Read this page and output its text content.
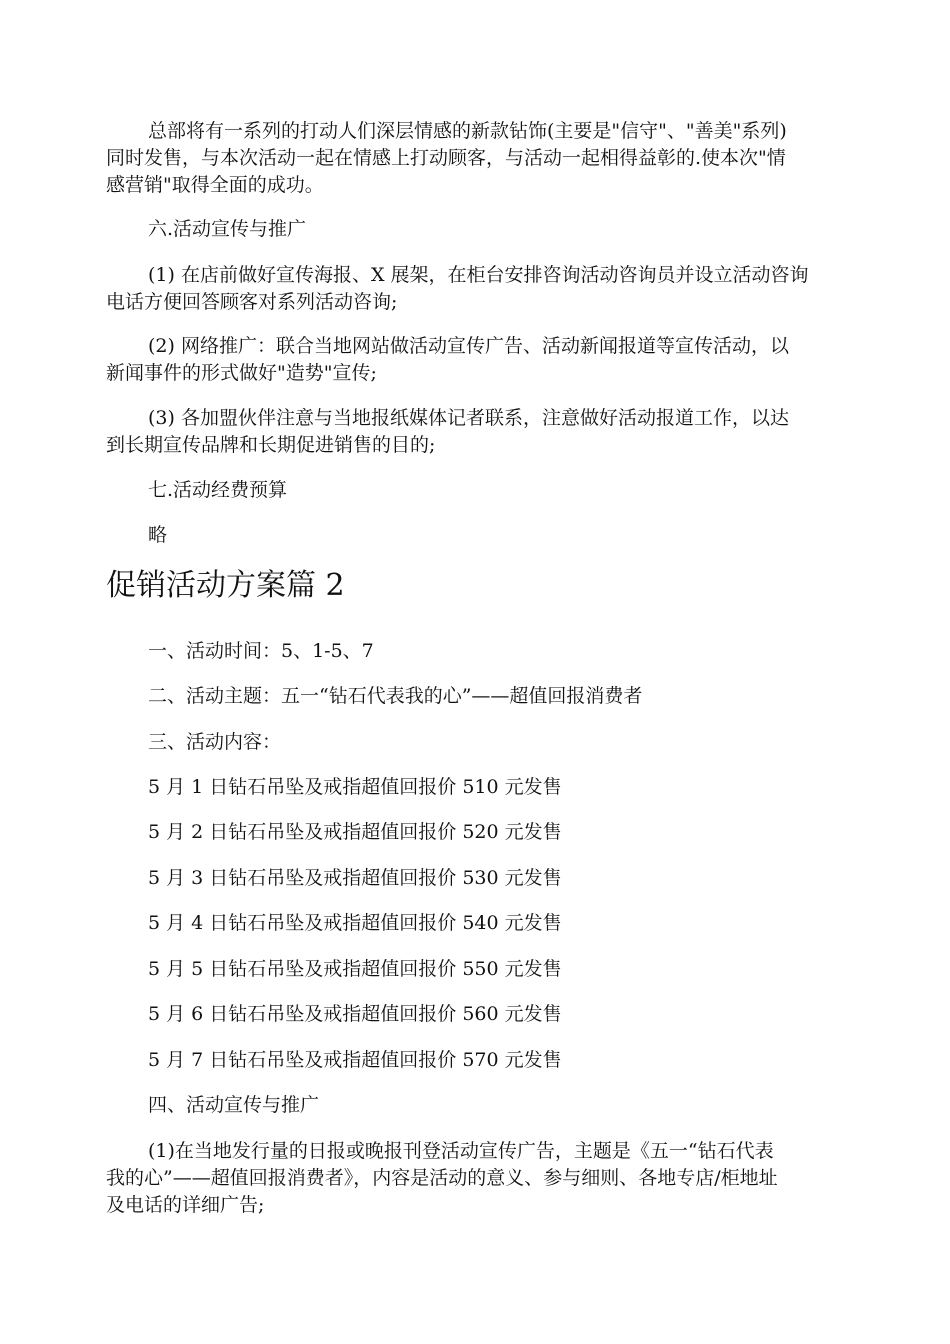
总部将有一系列的打动人们深层情感的新款钻饰(主要是"信守"、"善美"系列)
同时发售，与本次活动一起在情感上打动顾客，与活动一起相得益彰的.使本次"情
感营销"取得全面的成功。

六.活动宣传与推广

(1) 在店前做好宣传海报、X 展架，在柜台安排咨询活动咨询员并设立活动咨询
电话方便回答顾客对系列活动咨询;

(2) 网络推广：联合当地网站做活动宣传广告、活动新闻报道等宣传活动，以
新闻事件的形式做好"造势"宣传;

(3) 各加盟伙伴注意与当地报纸媒体记者联系，注意做好活动报道工作，以达
到长期宣传品牌和长期促进销售的目的;

七.活动经费预算

略

促销活动方案篇 2

一、活动时间：5、1-5、7

二、活动主题：五一“钻石代表我的心”——超值回报消费者

三、活动内容：

5 月 1 日钻石吊坠及戒指超值回报价 510 元发售

5 月 2 日钻石吊坠及戒指超值回报价 520 元发售

5 月 3 日钻石吊坠及戒指超值回报价 530 元发售

5 月 4 日钻石吊坠及戒指超值回报价 540 元发售

5 月 5 日钻石吊坠及戒指超值回报价 550 元发售

5 月 6 日钻石吊坠及戒指超值回报价 560 元发售

5 月 7 日钻石吊坠及戒指超值回报价 570 元发售

四、活动宣传与推广

(1)在当地发行量的日报或晚报刊登活动宣传广告，主题是《五一“钻石代表
我的心”——超值回报消费者》，内容是活动的意义、参与细则、各地专店/柜地址
及电话的详细广告;
